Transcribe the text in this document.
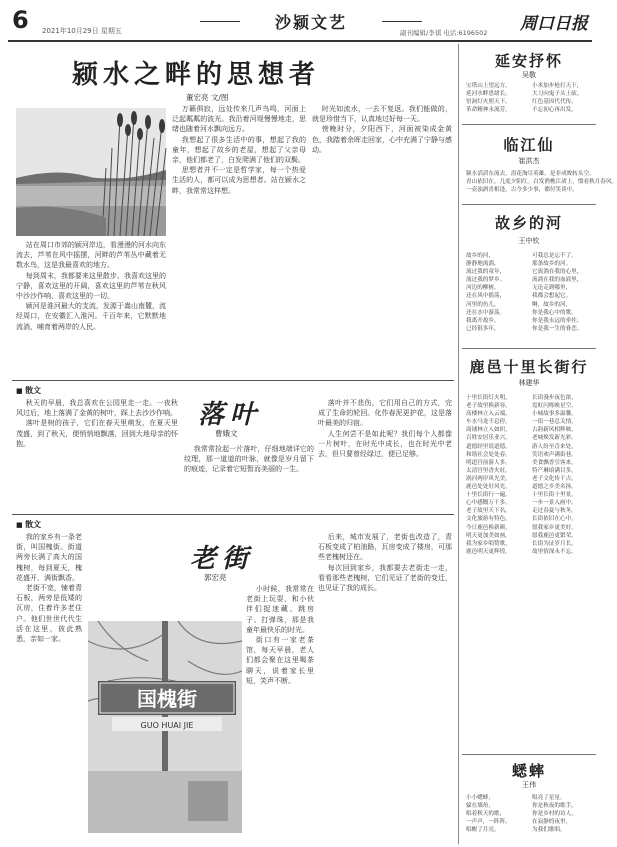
6 2021年10月29日 星期五	沙颍文艺
副刊编辑/李祺 电话:6196502 周口日报
颍水之畔的思想者
董宏亮 文/图

站在周口市郊的颍河岸边，看漫漫的河水向东流去，芦苇在风中摇摆，河畔的芦苇丛中藏着无数水鸟，这是我最喜欢的地方。

每到周末，我都要来这里散步。我喜欢这里的宁静，喜欢这里的开阔，喜欢这里的芦苇在秋风中沙沙作响，喜欢这里的一切。

颍河是淮河最大的支流，发源于嵩山南麓，流经周口，在安徽汇入淮河。千百年来，它默默地流淌，哺育着两岸的人民。

万籁俱寂，远处传来几声鸟鸣，河面上泛起粼粼的波光。我沿着河堤慢慢地走，思绪也随着河水飘向远方。

我想起了很多生活中的事，想起了我的童年，想起了故乡的老屋，想起了父亲母亲，他们都老了，白发爬满了他们的双鬓。

思想者并不一定是哲学家，每一个热爱生活的人，都可以成为思想者。站在颍水之畔，我常常这样想。

时光如流水，一去不复返。我们能做的，就是珍惜当下，认真地过好每一天。

傍晚时分，夕阳西下，河面被染成金黄色，我踏着余晖走回家，心中充满了宁静与感动。

■ 散文
落叶
曹娥文

秋天的早晨，我总喜欢在公园里走一走。一夜秋风过后，地上落满了金黄的树叶，踩上去沙沙作响。

落叶是树的孩子，它们在春天里萌发，在夏天里茂盛，到了秋天，便悄悄地飘落，回到大地母亲的怀抱。

我常常捡起一片落叶，仔细地端详它的纹理，那一道道的叶脉，就像是岁月留下的痕迹，记录着它短暂而美丽的一生。

落叶并不悲伤，它们用自己的方式，完成了生命的轮回。化作春泥更护花，这是落叶最美的归宿。

人生何尝不是如此呢？我们每个人都像一片树叶，在时光中成长，也在时光中老去，但只要曾经绿过，便已足够。

■ 散文
老街
郭宏亮

我的家乡有一条老街，叫国槐街。街道两旁长满了高大的国槐树，每到夏天，槐花盛开，满街飘香。

老街不宽，铺着青石板，两旁是低矮的瓦房，住着许多老住户。他们世世代代生活在这里，彼此熟悉，亲如一家。

国槐街
GUO HUAI JIE

小时候，我常常在老街上玩耍，和小伙伴们捉迷藏、跳房子、打弹珠，那是我童年最快乐的时光。

街口有一家老茶馆，每天早晨，老人们都会聚在这里喝茶聊天，说着家长里短，笑声不断。

后来，城市发展了，老街也改造了，青石板变成了柏油路，瓦房变成了楼房，可那些老槐树还在。

每次回到家乡，我都要去老街走一走，看看那些老槐树，它们见证了老街的变迁，也见证了我的成长。

延安抒怀
吴敬
宝塔山上望远方，
延河水畔思绪长。
窑洞灯火照天下，
革命精神永流芳。
小米加步枪打天下，
大刀向鬼子头上砍。
红色基因代代传，
不忘初心再出发。
临江仙
崔洪杰
颍水滔滔东流去，浪花淘尽英雄。是非成败转头空。
青山依旧在，几度夕阳红。白发渔樵江渚上，惯看秋月春风。
一壶浊酒喜相逢。古今多少事，都付笑谈中。
故乡的河
王中钦
故乡的河，
静静地流淌，
流过我的童年，
流过我的梦乡。
河边的柳树，
还在风中摇荡，
河里的鱼儿，
还在水中游荡。
我离开故乡，
已经很多年，
可我总是忘不了，
那条故乡的河。
它流淌在我的心里，
流淌在我的血液里，
无论走到哪里，
我都会想起它。
啊，故乡的河，
你是我心中的歌，
你是我永远的牵挂，
你是我一生的眷恋。
鹿邑十里长街行
林建华
十里长街灯火明，
老子故里换新容。
高楼林立入云端，
车水马龙不息停。
商铺林立人如织，
百姓安居乐业兴。
道德经里说道德，
和谐社会处处春。
明道宫前游人多，
太清宫里香火旺。
涡河两岸风光美，
鹿邑处处好风光。
十里长街行一遍，
心中感慨万千多。
老子故里天下名，
文化旅游有特色。
今日鹿邑换新颜，
明天更加美如画。
我为家乡唱赞歌，
鹿邑明天更辉煌。
长街漫步夜色浓，
霓虹闪烁映星空。
小城故事多温馨，
一街一巷总关情。
古韵新风相辉映，
老城焕发新光彩。
游人纷至沓来处，
笑语欢声满街巷。
美食飘香引客来，
特产琳琅满目多。
老子文化传千古，
道德之乡美名扬。
十里长街十里景，
一步一景入画中。
走过春夏与秋冬，
长街依旧在心中。
愿我家乡更美好，
愿我鹿邑更繁荣。
长街为证岁月长，
故里情深永不忘。
蟋蟀
王伟
小小蟋蟀，
躲在墙角，
唱着秋天的歌，
一声声，一阵阵，
唱醒了月亮，
唱亮了星星。
你是秋夜的歌手，
你是乡村的诗人，
在寂静的夜里，
为我们歌唱。
